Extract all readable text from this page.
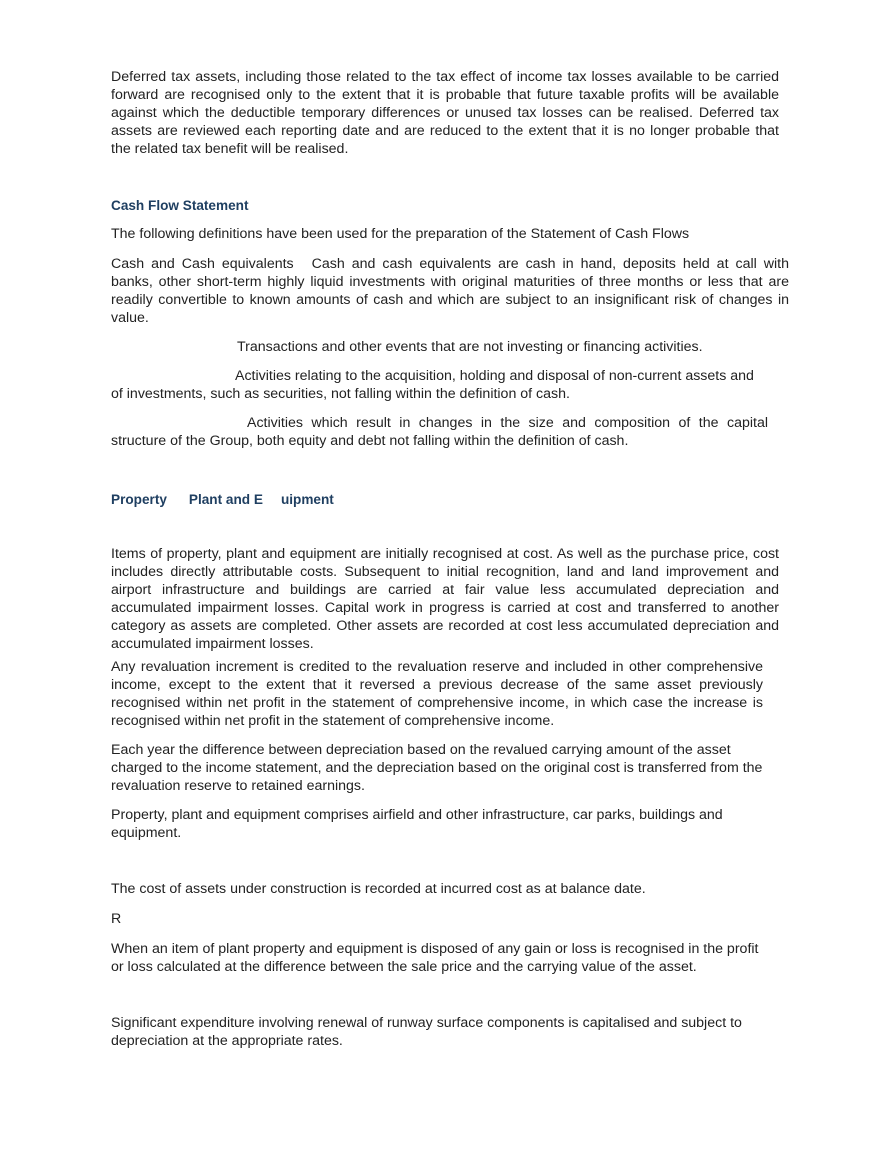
Deferred tax assets, including those related to the tax effect of income tax losses available to be carried forward are recognised only to the extent that it is probable that future taxable profits will be available against which the deductible temporary differences or unused tax losses can be realised. Deferred tax assets are reviewed each reporting date and are reduced to the extent that it is no longer probable that the related tax benefit will be realised.

Cash Flow Statement

The following definitions have been used for the preparation of the Statement of Cash Flows

Cash and Cash equivalents Cash and cash equivalents are cash in hand, deposits held at call with banks, other short-term highly liquid investments with original maturities of three months or less that are readily convertible to known amounts of cash and which are subject to an insignificant risk of changes in value.

Transactions and other events that are not investing or financing activities.

Activities relating to the acquisition, holding and disposal of non-current assets and of investments, such as securities, not falling within the definition of cash.

Activities which result in changes in the size and composition of the capital structure of the Group, both equity and debt not falling within the definition of cash.

Property Plant and E uipment

Items of property, plant and equipment are initially recognised at cost. As well as the purchase price, cost includes directly attributable costs. Subsequent to initial recognition, land and land improvement and airport infrastructure and buildings are carried at fair value less accumulated depreciation and accumulated impairment losses. Capital work in progress is carried at cost and transferred to another category as assets are completed. Other assets are recorded at cost less accumulated depreciation and accumulated impairment losses.

Any revaluation increment is credited to the revaluation reserve and included in other comprehensive income, except to the extent that it reversed a previous decrease of the same asset previously recognised within net profit in the statement of comprehensive income, in which case the increase is recognised within net profit in the statement of comprehensive income.

Each year the difference between depreciation based on the revalued carrying amount of the asset charged to the income statement, and the depreciation based on the original cost is transferred from the revaluation reserve to retained earnings.

Property, plant and equipment comprises airfield and other infrastructure, car parks, buildings and equipment.

The cost of assets under construction is recorded at incurred cost as at balance date.

R

When an item of plant property and equipment is disposed of any gain or loss is recognised in the profit or loss calculated at the difference between the sale price and the carrying value of the asset.

Significant expenditure involving renewal of runway surface components is capitalised and subject to depreciation at the appropriate rates.
